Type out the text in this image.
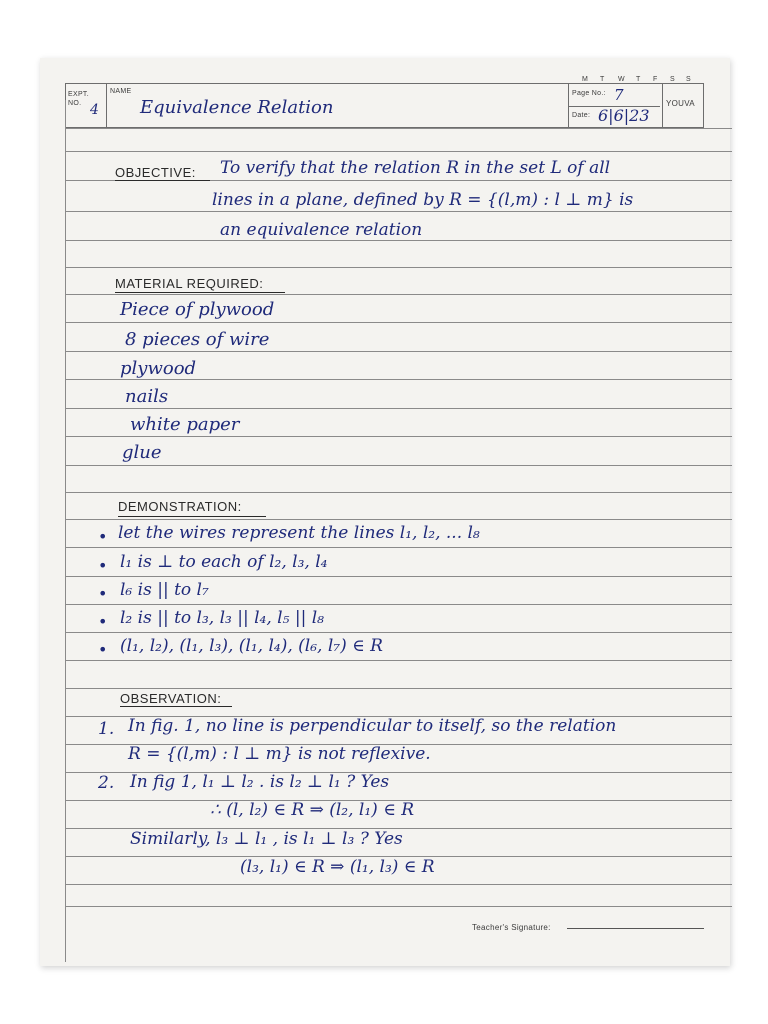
M T W T F S S
EXPT. NO. 4
NAME
Equivalence Relation
Page No.: 7
Date: 6|6|23
YOUVA
OBJECTIVE: To verify that the relation R in the set L of all
lines in a plane, defined by R = {(l,m) : l ⊥ m} is
an equivalence relation
MATERIAL REQUIRED:
Piece of plywood
8 pieces of wire
plywood
nails
white paper
glue
DEMONSTRATION:
• let the wires represent the lines l₁, l₂, ... l₈
• l₁ is ⊥ to each of l₂, l₃, l₄
• l₆ is || to l₇
• l₂ is || to l₃, l₃ || l₄, l₅ || l₈
• (l₁, l₂), (l₁, l₃), (l₁, l₄), (l₆, l₇) ∈ R
OBSERVATION:
1. In fig. 1, no line is perpendicular to itself, so the relation
R = {(l,m) : l ⊥ m} is not reflexive.
2. In fig 1, l₁ ⊥ l₂ . is l₂ ⊥ l₁ ? Yes
∴ (l, l₂) ∈ R ⇒ (l₂, l₁) ∈ R
Similarly, l₃ ⊥ l₁ , is l₁ ⊥ l₃ ? Yes
(l₃, l₁) ∈ R ⇒ (l₁, l₃) ∈ R
Teacher's Signature:
